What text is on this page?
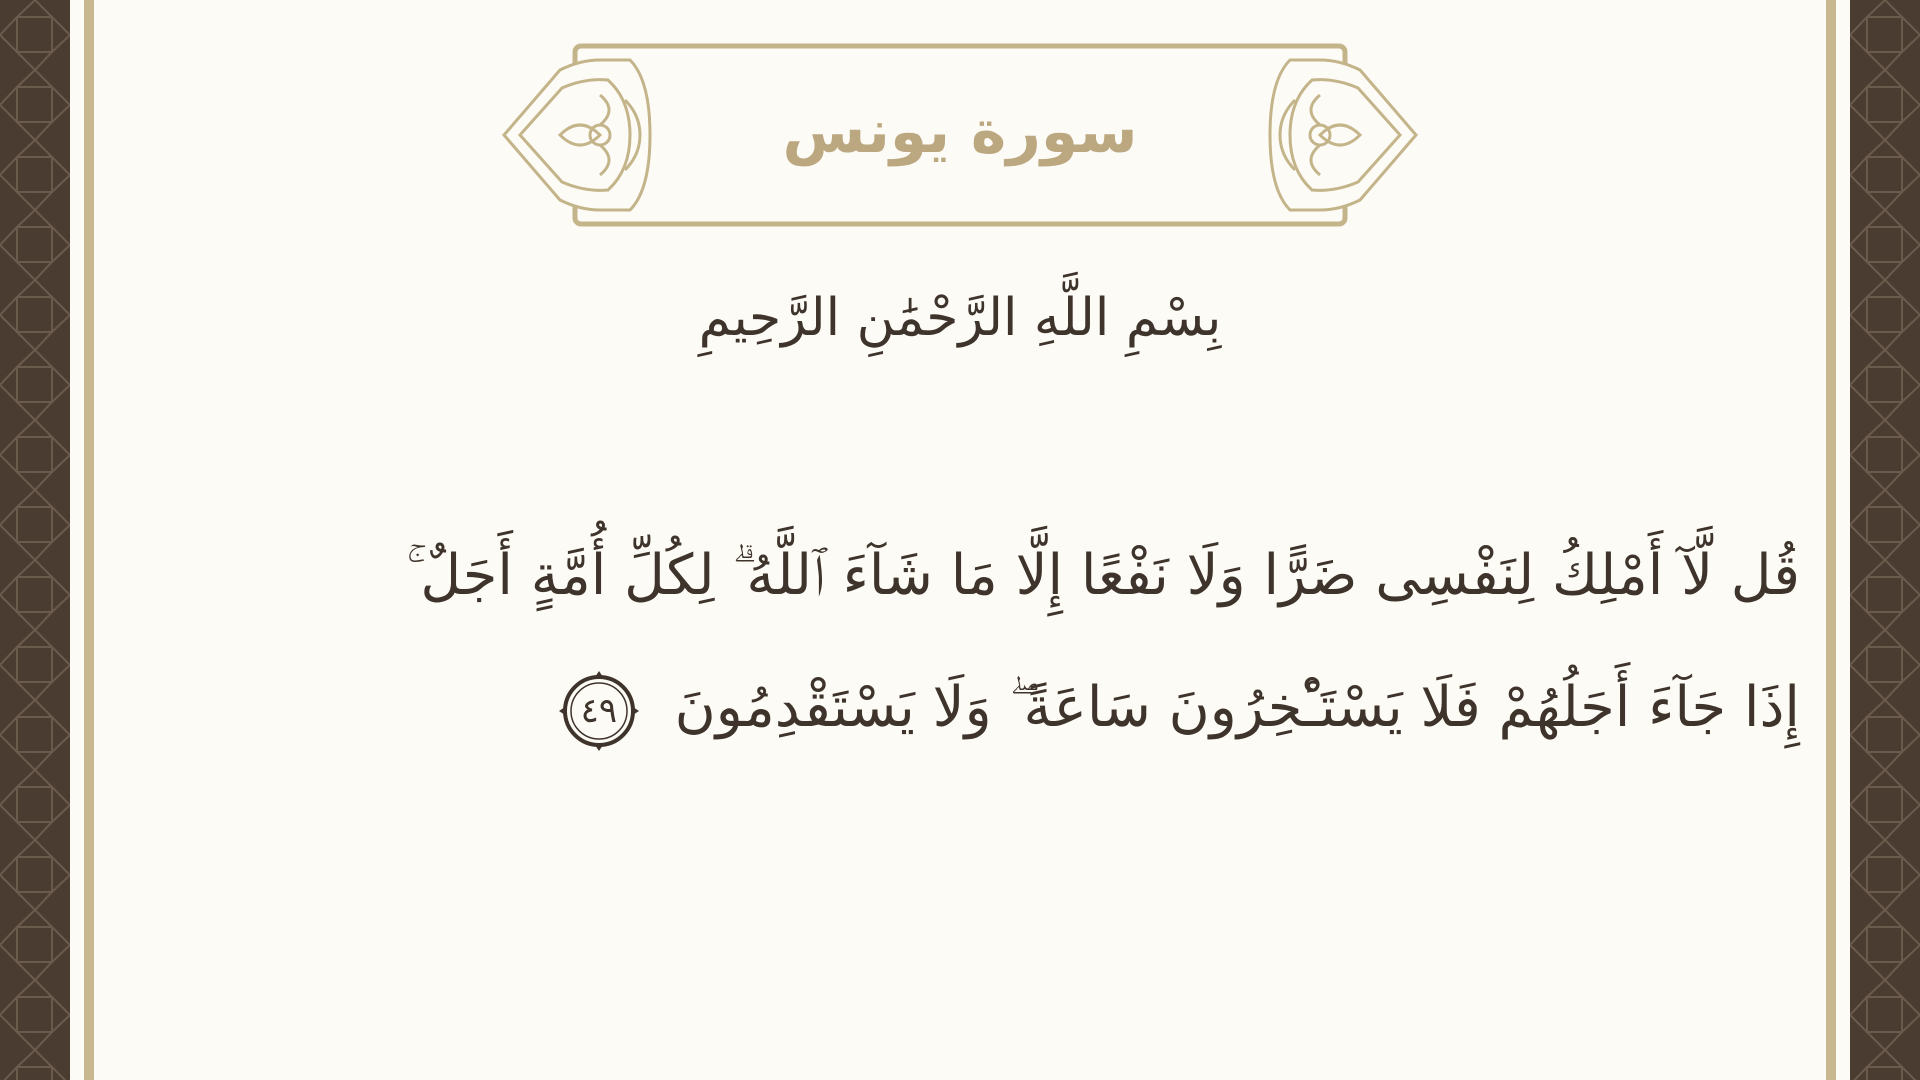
سورة يونس
بِسْمِ اللَّهِ الرَّحْمَٰنِ الرَّحِيمِ
قُل لَّآ أَمْلِكُ لِنَفْسِى ضَرًّا وَلَا نَفْعًا إِلَّا مَا شَآءَ ٱللَّهُ ۗ لِكُلِّ أُمَّةٍ أَجَلٌ ۚ
إِذَا جَآءَ أَجَلُهُمْ فَلَا يَسْتَـْٔخِرُونَ سَاعَةً ۖ وَلَا يَسْتَقْدِمُونَ
٤٩
